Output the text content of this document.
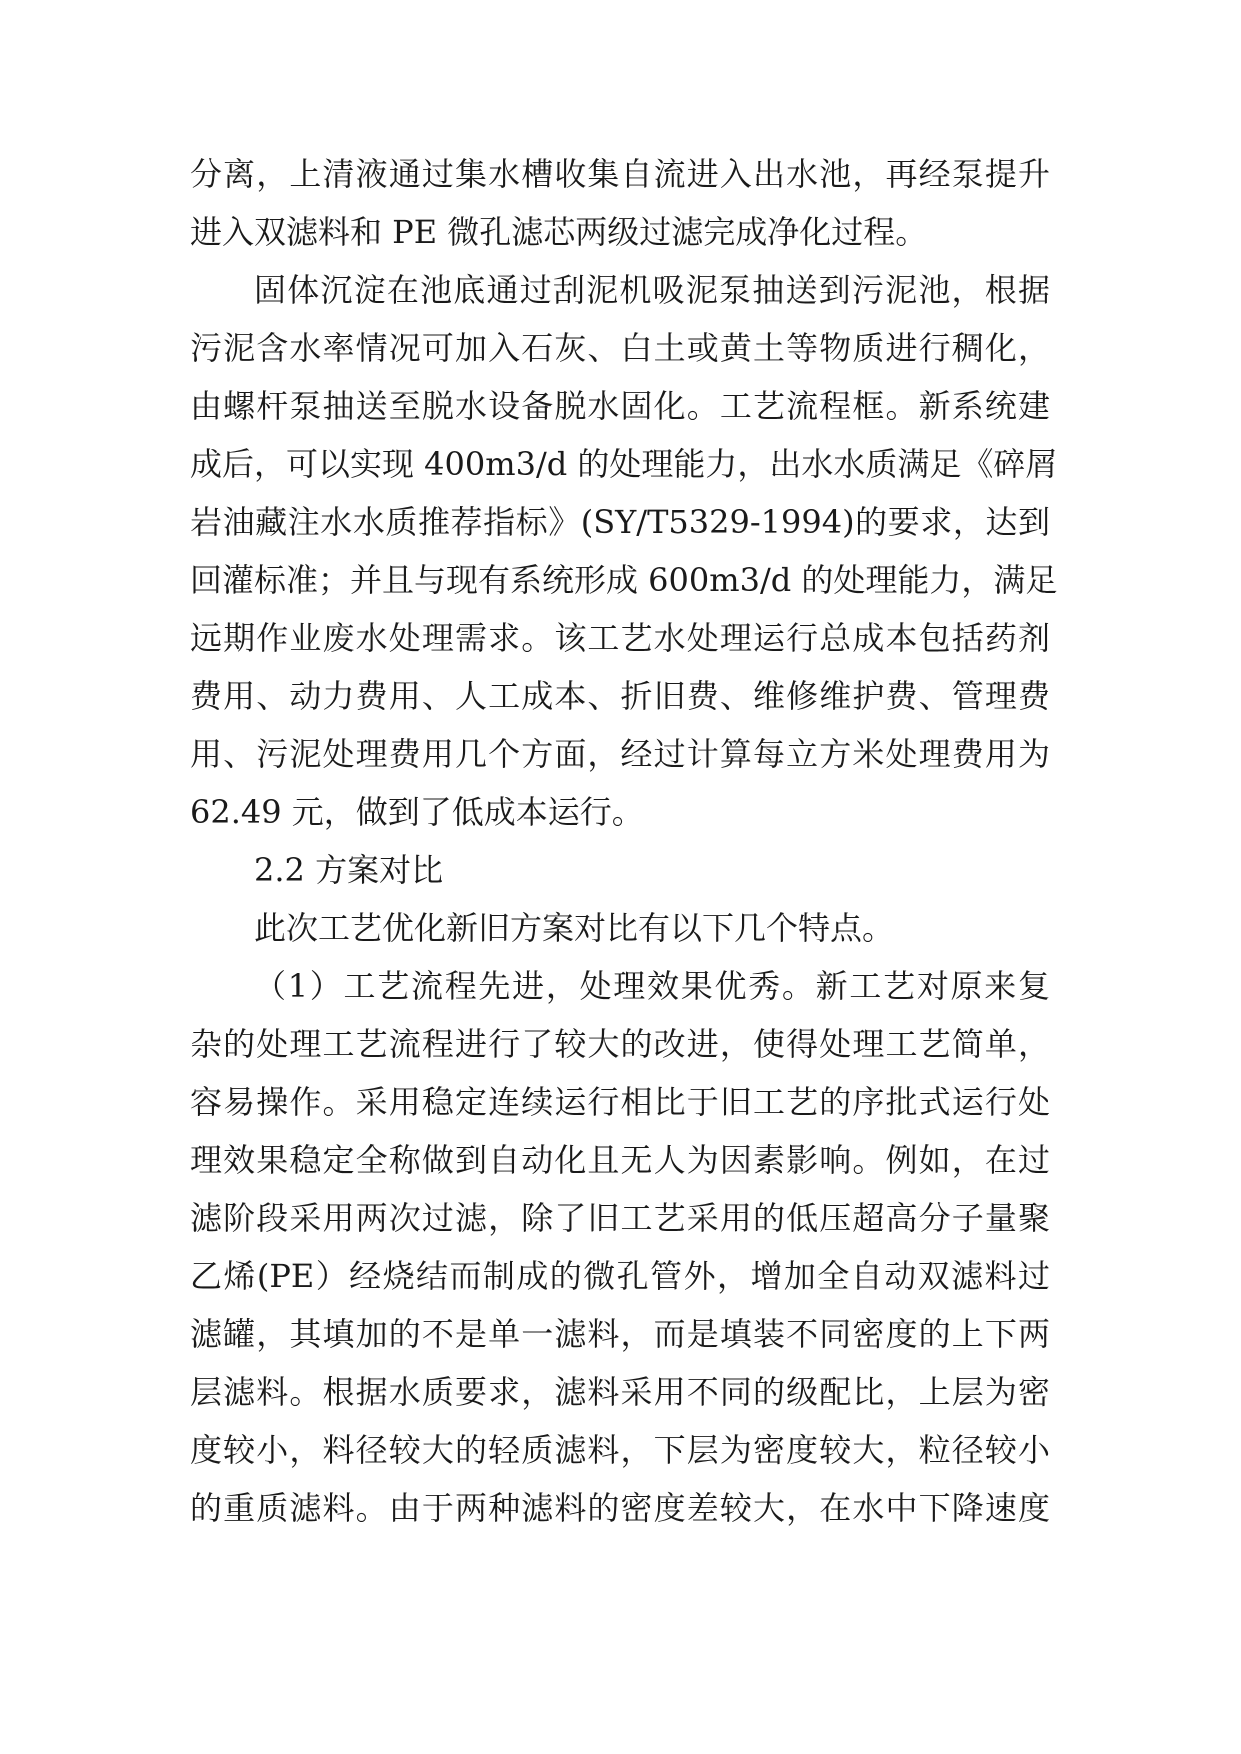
分离，上清液通过集水槽收集自流进入出水池，再经泵提升
进入双滤料和 PE 微孔滤芯两级过滤完成净化过程。
固体沉淀在池底通过刮泥机吸泥泵抽送到污泥池，根据
污泥含水率情况可加入石灰、白土或黄土等物质进行稠化，
由螺杆泵抽送至脱水设备脱水固化。工艺流程框。新系统建
成后，可以实现 400m3/d 的处理能力，出水水质满足《碎屑
岩油藏注水水质推荐指标》(SY/T5329-1994)的要求，达到
回灌标准；并且与现有系统形成 600m3/d 的处理能力，满足
远期作业废水处理需求。该工艺水处理运行总成本包括药剂
费用、动力费用、人工成本、折旧费、维修维护费、管理费
用、污泥处理费用几个方面，经过计算每立方米处理费用为
62.49 元，做到了低成本运行。
2.2 方案对比
此次工艺优化新旧方案对比有以下几个特点。
（1）工艺流程先进，处理效果优秀。新工艺对原来复
杂的处理工艺流程进行了较大的改进，使得处理工艺简单，
容易操作。采用稳定连续运行相比于旧工艺的序批式运行处
理效果稳定全称做到自动化且无人为因素影响。例如，在过
滤阶段采用两次过滤，除了旧工艺采用的低压超高分子量聚
乙烯(PE）经烧结而制成的微孔管外，增加全自动双滤料过
滤罐，其填加的不是单一滤料，而是填装不同密度的上下两
层滤料。根据水质要求，滤料采用不同的级配比，上层为密
度较小，料径较大的轻质滤料，下层为密度较大，粒径较小
的重质滤料。由于两种滤料的密度差较大，在水中下降速度
